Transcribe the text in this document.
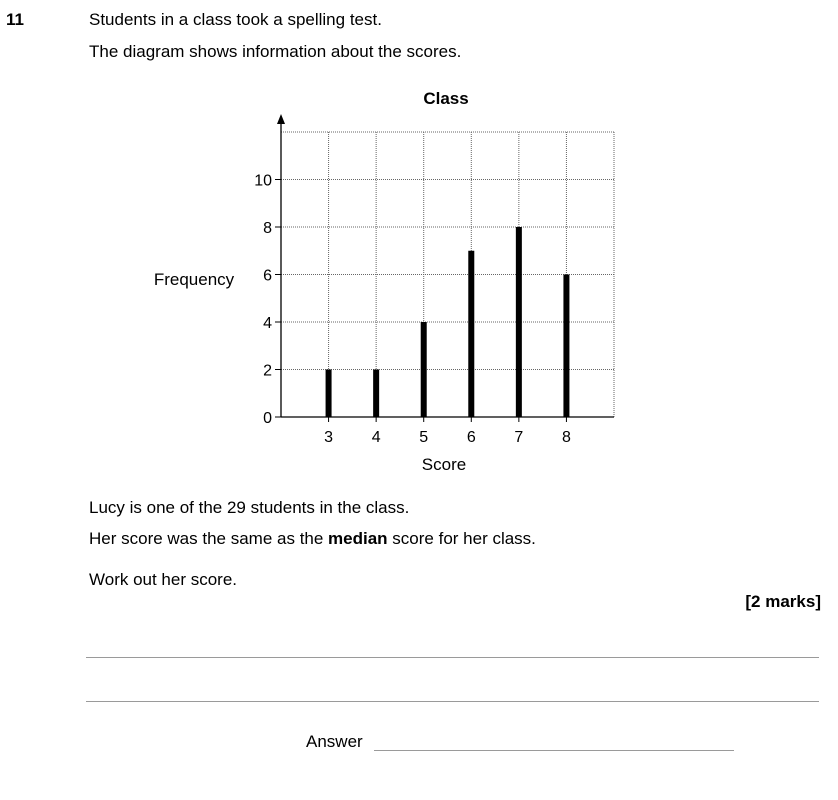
11	Students in a class took a spelling test.
The diagram shows information about the scores.
Class
Frequency
Score
0
2
4
6
8
10
3 4 5 6 7 8
Lucy is one of the 29 students in the class.
Her score was the same as the median score for her class.
Work out her score.
[2 marks]
Answer
